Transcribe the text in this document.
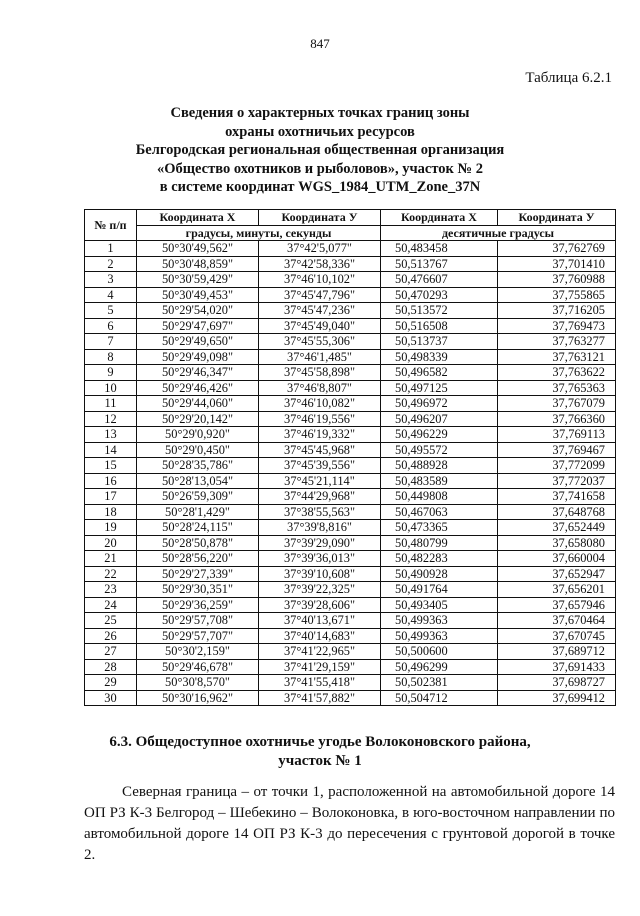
847
Таблица 6.2.1
Сведения о характерных точках границ зоны
охраны охотничьих ресурсов
Белгородская региональная общественная организация
«Общество охотников и рыболовов», участок № 2
в системе координат WGS_1984_UTM_Zone_37N
№ п/п	Координата X	Координата У	Координата X	Координата У
	градусы, минуты, секунды		десятичные градусы	
1	50°30'49,562"	37°42'5,077"	50,483458	37,762769
2	50°30'48,859"	37°42'58,336"	50,513767	37,701410
3	50°30'59,429"	37°46'10,102"	50,476607	37,760988
4	50°30'49,453"	37°45'47,796"	50,470293	37,755865
5	50°29'54,020"	37°45'47,236"	50,513572	37,716205
6	50°29'47,697"	37°45'49,040"	50,516508	37,769473
7	50°29'49,650"	37°45'55,306"	50,513737	37,763277
8	50°29'49,098"	37°46'1,485"	50,498339	37,763121
9	50°29'46,347"	37°45'58,898"	50,496582	37,763622
10	50°29'46,426"	37°46'8,807"	50,497125	37,765363
11	50°29'44,060"	37°46'10,082"	50,496972	37,767079
12	50°29'20,142"	37°46'19,556"	50,496207	37,766360
13	50°29'0,920"	37°46'19,332"	50,496229	37,769113
14	50°29'0,450"	37°45'45,968"	50,495572	37,769467
15	50°28'35,786"	37°45'39,556"	50,488928	37,772099
16	50°28'13,054"	37°45'21,114"	50,483589	37,772037
17	50°26'59,309"	37°44'29,968"	50,449808	37,741658
18	50°28'1,429"	37°38'55,563"	50,467063	37,648768
19	50°28'24,115"	37°39'8,816"	50,473365	37,652449
20	50°28'50,878"	37°39'29,090"	50,480799	37,658080
21	50°28'56,220"	37°39'36,013"	50,482283	37,660004
22	50°29'27,339"	37°39'10,608"	50,490928	37,652947
23	50°29'30,351"	37°39'22,325"	50,491764	37,656201
24	50°29'36,259"	37°39'28,606"	50,493405	37,657946
25	50°29'57,708"	37°40'13,671"	50,499363	37,670464
26	50°29'57,707"	37°40'14,683"	50,499363	37,670745
27	50°30'2,159"	37°41'22,965"	50,500600	37,689712
28	50°29'46,678"	37°41'29,159"	50,496299	37,691433
29	50°30'8,570"	37°41'55,418"	50,502381	37,698727
30	50°30'16,962"	37°41'57,882"	50,504712	37,699412
6.3. Общедоступное охотничье угодье Волоконовского района,
участок № 1
Северная граница – от точки 1, расположенной на автомобильной дороге 14 ОП РЗ К-3 Белгород – Шебекино – Волоконовка, в юго-восточном направлении по автомобильной дороге 14 ОП РЗ К-3 до пересечения с грунтовой дорогой в точке 2.
